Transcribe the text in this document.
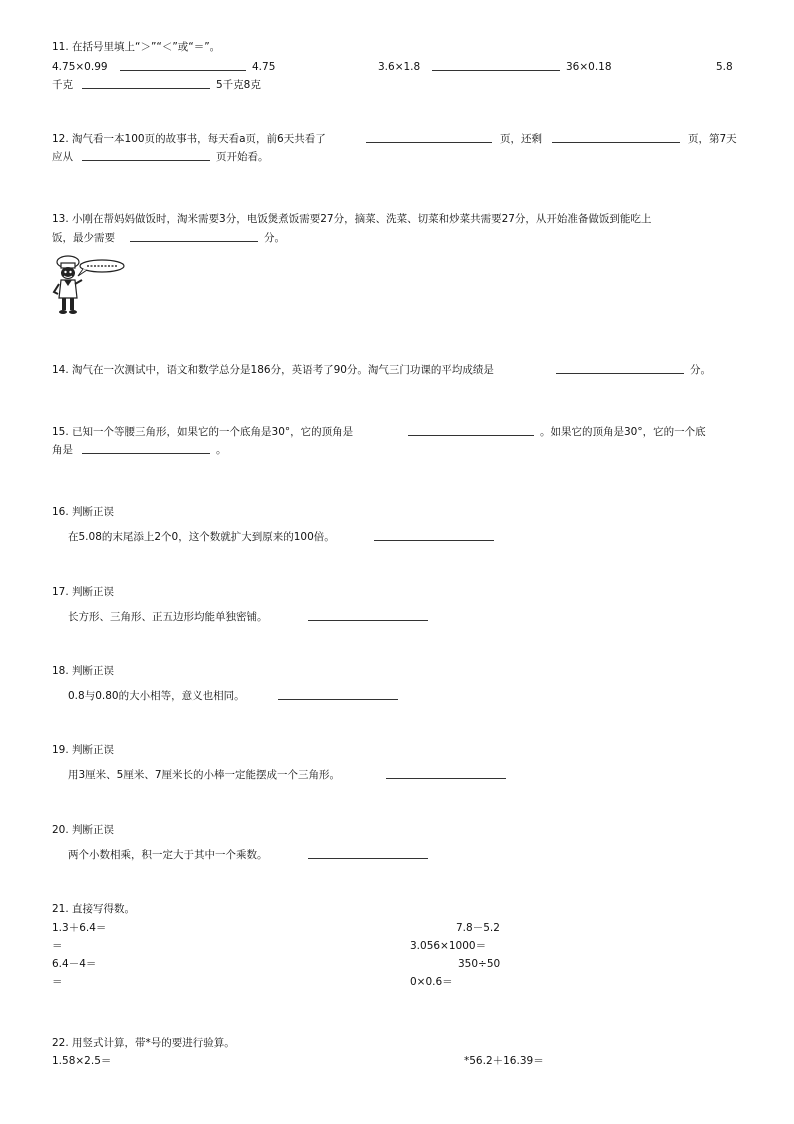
11. 在括号里填上“＞”“＜”或“＝”。
4.75×0.99	4.75	3.6×1.8	36×0.18	5.8
千克	5千克8克
12. 淘气看一本100页的故事书，每天看a页，前6天共看了	页，还剩	页，第7天
应从	页开始看。
13. 小刚在帮妈妈做饭时，淘米需要3分，电饭煲煮饭需要27分，摘菜、洗菜、切菜和炒菜共需要27分，从开始准备做饭到能吃上
饭，最少需要	分。
14. 淘气在一次测试中，语文和数学总分是186分，英语考了90分。淘气三门功课的平均成绩是	分。
15. 已知一个等腰三角形，如果它的一个底角是30°，它的顶角是	。如果它的顶角是30°，它的一个底
角是	。
16. 判断正误
在5.08的末尾添上2个0，这个数就扩大到原来的100倍。
17. 判断正误
长方形、三角形、正五边形均能单独密铺。
18. 判断正误
0.8与0.80的大小相等，意义也相同。
19. 判断正误
用3厘米、5厘米、7厘米长的小棒一定能摆成一个三角形。
20. 判断正误
两个小数相乘，积一定大于其中一个乘数。
21. 直接写得数。
1.3＋6.4＝	7.8－5.2
＝	3.056×1000＝
6.4－4＝	350÷50
＝	0×0.6＝
22. 用竖式计算，带*号的要进行验算。
1.58×2.5＝	*56.2＋16.39＝
